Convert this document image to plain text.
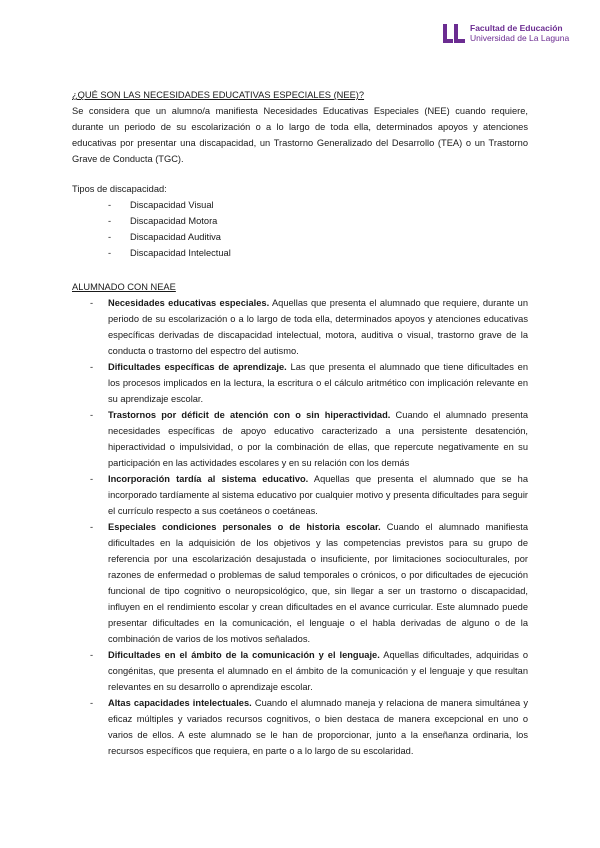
Facultad de Educación
Universidad de La Laguna
¿QUÉ SON LAS NECESIDADES EDUCATIVAS ESPECIALES (NEE)?

Se considera que un alumno/a manifiesta Necesidades Educativas Especiales (NEE) cuando requiere, durante un periodo de su escolarización o a lo largo de toda ella, determinados apoyos y atenciones educativas por presentar una discapacidad, un Trastorno Generalizado del Desarrollo (TEA) o un Trastorno Grave de Conducta (TGC).

Tipos de discapacidad:
- Discapacidad Visual
- Discapacidad Motora
- Discapacidad Auditiva
- Discapacidad Intelectual
ALUMNADO CON NEAE
- Necesidades educativas especiales. Aquellas que presenta el alumnado que requiere, durante un periodo de su escolarización o a lo largo de toda ella, determinados apoyos y atenciones educativas específicas derivadas de discapacidad intelectual, motora, auditiva o visual, trastorno grave de la conducta o trastorno del espectro del autismo.
- Dificultades específicas de aprendizaje. Las que presenta el alumnado que tiene dificultades en los procesos implicados en la lectura, la escritura o el cálculo aritmético con implicación relevante en su aprendizaje escolar.
- Trastornos por déficit de atención con o sin hiperactividad. Cuando el alumnado presenta necesidades específicas de apoyo educativo caracterizado a una persistente desatención, hiperactividad o impulsividad, o por la combinación de ellas, que repercute negativamente en su participación en las actividades escolares y en su relación con los demás
- Incorporación tardía al sistema educativo. Aquellas que presenta el alumnado que se ha incorporado tardíamente al sistema educativo por cualquier motivo y presenta dificultades para seguir el currículo respecto a sus coetáneos o coetáneas.
- Especiales condiciones personales o de historia escolar. Cuando el alumnado manifiesta dificultades en la adquisición de los objetivos y las competencias previstos para su grupo de referencia por una escolarización desajustada o insuficiente, por limitaciones socioculturales, por razones de enfermedad o problemas de salud temporales o crónicos, o por dificultades de ejecución funcional de tipo cognitivo o neuropsicológico, que, sin llegar a ser un trastorno o discapacidad, influyen en el rendimiento escolar y crean dificultades en el avance curricular. Este alumnado puede presentar dificultades en la comunicación, el lenguaje o el habla derivadas de alguno o de la combinación de varios de los motivos señalados.
- Dificultades en el ámbito de la comunicación y el lenguaje. Aquellas dificultades, adquiridas o congénitas, que presenta el alumnado en el ámbito de la comunicación y el lenguaje y que resultan relevantes en su desarrollo o aprendizaje escolar.
- Altas capacidades intelectuales. Cuando el alumnado maneja y relaciona de manera simultánea y eficaz múltiples y variados recursos cognitivos, o bien destaca de manera excepcional en uno o varios de ellos. A este alumnado se le han de proporcionar, junto a la enseñanza ordinaria, los recursos específicos que requiera, en parte o a lo largo de su escolaridad.
